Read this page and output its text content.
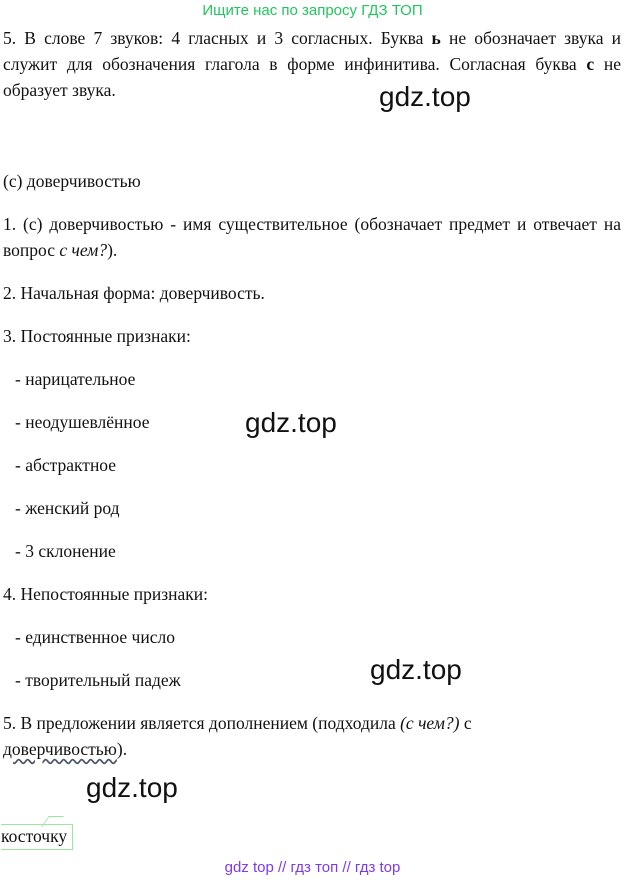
Ищите нас по запросу ГДЗ ТОП

5. В слове 7 звуков: 4 гласных и 3 согласных. Буква ь не обозначает звука и служит для обозначения глагола в форме инфинитива. Согласная буква с не образует звука.

(с) доверчивостью

1. (с) доверчивостью - имя существительное (обозначает предмет и отвечает на вопрос с чем?).

2. Начальная форма: доверчивость.

3. Постоянные признаки:

- нарицательное

- неодушевлённое

- абстрактное

- женский род

- 3 склонение

4. Непостоянные признаки:

- единственное число

- творительный падеж

5. В предложении является дополнением (подходила (с чем?) с
доверчивостью).

gdz.top
gdz.top
gdz.top
gdz.top
косточку
gdz top // гдз топ // гдз top
